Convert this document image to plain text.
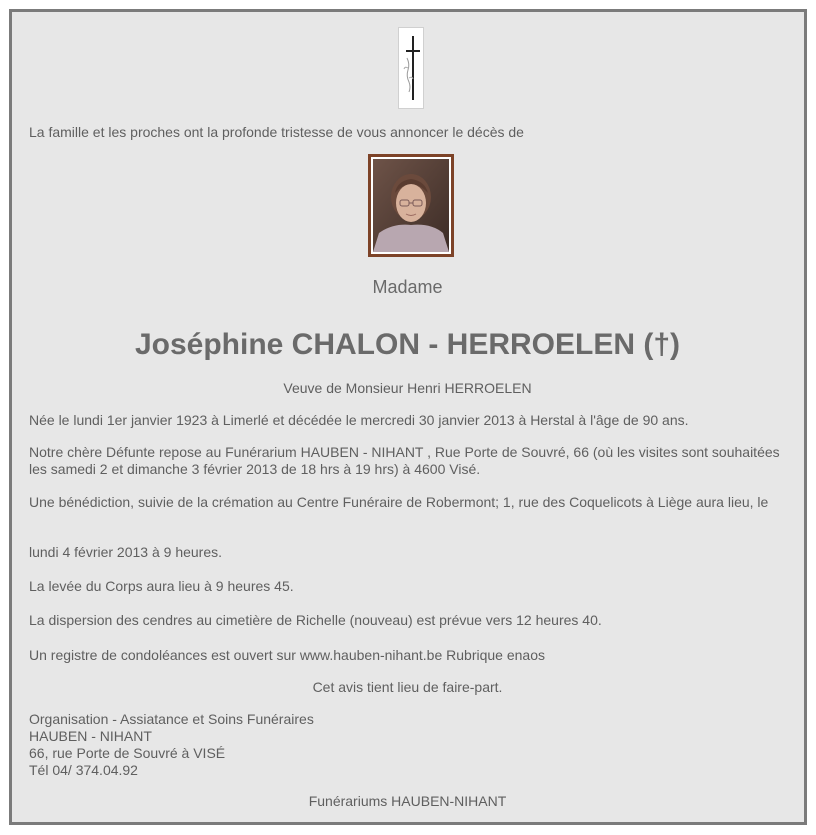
La famille et les proches ont la profonde tristesse de vous annoncer le décès de

Madame

Joséphine CHALON - HERROELEN (†)

Veuve de Monsieur Henri HERROELEN

Née le lundi 1er janvier 1923 à Limerlé et décédée le mercredi 30 janvier 2013 à Herstal à l'âge de 90 ans.

Notre chère Défunte repose au Funérarium HAUBEN - NIHANT , Rue Porte de Souvré, 66 (où les visites sont souhaitées les samedi 2 et dimanche 3 février 2013 de 18 hrs à 19 hrs) à 4600 Visé.

Une bénédiction, suivie de la crémation au Centre Funéraire de Robermont; 1, rue des Coquelicots à Liège aura lieu, le

lundi 4 février 2013 à 9 heures.

La levée du Corps aura lieu à 9 heures 45.

La dispersion des cendres au cimetière de Richelle (nouveau) est prévue vers 12 heures 40.

Un registre de condoléances est ouvert sur www.hauben-nihant.be Rubrique enaos

Cet avis tient lieu de faire-part.

Organisation - Assiatance et Soins Funéraires
HAUBEN - NIHANT
66, rue Porte de Souvré à VISÉ
Tél 04/ 374.04.92

Funérariums HAUBEN-NIHANT
